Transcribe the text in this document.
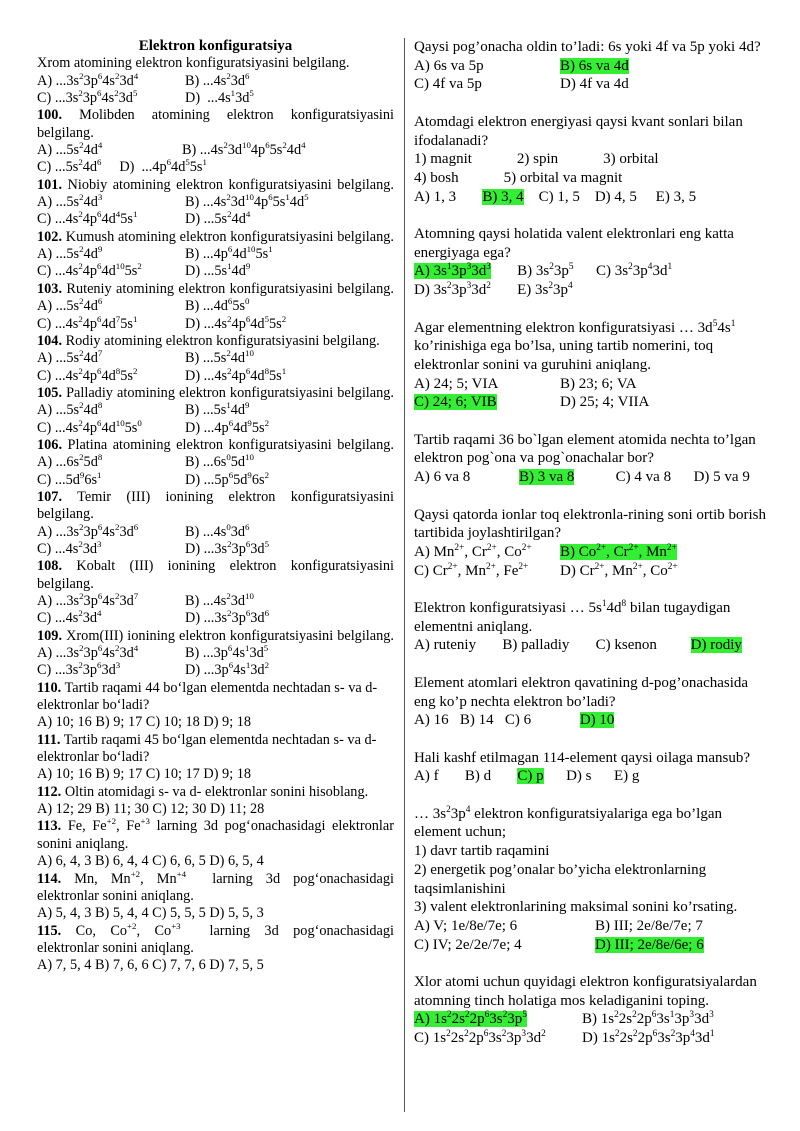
Elektron konfiguratsiya
Xrom atomining elektron konfiguratsiyasini belgilang.
A) $...3s^23p^64s^23d^4$	B) $...4s^23d^6$
C) $...3s^23p^64s^23d^5$	D)  $...4s^13d^5$
100. Molibden atomining elektron konfiguratsiyasini belgilang.
A) $...5s^24d^4$	B) $...4s^23d^{10}4p^65s^24d^4$
C) $...5s^24d^6$     D)  $...4p^64d^55s^1$
101. Niobiy atomining elektron konfiguratsiyasini belgilang.
A) $...5s^24d^3$	B) $...4s^23d^{10}4p^65s^14d^5$
C) $...4s^24p^64d^45s^1$	D) $...5s^24d^4$
102. Kumush atomining elektron konfiguratsiyasini belgilang.
A) $...5s^24d^9$	B) $...4p^64d^{10}5s^1$
C) $...4s^24p^64d^{10}5s^2$	D) $...5s^14d^9$
103. Ruteniy atomining elektron konfiguratsiyasini belgilang.
A) $...5s^24d^6$	B) $...4d^65s^0$
C) $...4s^24p^64d^75s^1$	D) $...4s^24p^64d^55s^2$
104. Rodiy atomining elektron konfiguratsiyasini belgilang.
A) $...5s^24d^7$	B) $...5s^24d^{10}$
C) $...4s^24p^64d^85s^2$	D) $...4s^24p^64d^85s^1$
105. Palladiy atomining elektron konfiguratsiyasini belgilang.
A) $...5s^24d^8$	B) $...5s^14d^9$
C) $...4s^24p^64d^{10}5s^0$	D) $...4p^64d^95s^2$
106. Platina atomining elektron konfiguratsiyasini belgilang.
A) $...6s^25d^8$	B) $...6s^05d^{10}$
C) $...5d^96s^1$	D) $...5p^65d^96s^2$
107. Temir (III) ionining elektron konfiguratsiyasini belgilang.
A) $...3s^23p^64s^23d^6$	B) $...4s^03d^6$
C) $...4s^23d^3$	D) $...3s^23p^63d^5$
108. Kobalt (III) ionining elektron konfiguratsiyasini belgilang.
A) $...3s^23p^64s^23d^7$	B) $...4s^23d^{10}$
C) $...4s^23d^4$	D) $...3s^23p^63d^6$
109. Xrom(III) ionining elektron konfiguratsiyasini belgilang.
A) $...3s^23p^64s^23d^4$	B) $...3p^64s^13d^5$
C) $...3s^23p^63d^3$	D) $...3p^64s^13d^2$
110. Tartib raqami 44 bo‘lgan elementda nechtadan s- va d-elektronlar bo‘ladi?
A) 10; 16 B) 9; 17 C) 10; 18 D) 9; 18
111. Tartib raqami 45 bo‘lgan elementda nechtadan s- va d-elektronlar bo‘ladi?
A) 10; 16 B) 9; 17 C) 10; 17 D) 9; 18
112. Oltin atomidagi s- va d- elektronlar sonini hisoblang.
A) 12; 29 B) 11; 30 C) 12; 30 D) 11; 28
113. Fe, $Fe^{+2}$, $Fe^{+3}$ larning 3d pog‘onachasidagi elektronlar
sonini aniqlang.
A) 6, 4, 3 B) 6, 4, 4 C) 6, 6, 5 D) 6, 5, 4
114. Mn, $Mn^{+2}$, $Mn^{+4}$  larning 3d pog‘onachasidagi
elektronlar sonini aniqlang.
A) 5, 4, 3 B) 5, 4, 4 C) 5, 5, 5 D) 5, 5, 3
115. Co, $Co^{+2}$, $Co^{+3}$  larning 3d pog‘onachasidagi
elektronlar sonini aniqlang.
A) 7, 5, 4 B) 7, 6, 6 C) 7, 7, 6 D) 7, 5, 5
Qaysi pog’onacha oldin to’ladi: 6s yoki 4f va 5p yoki 4d?
A) 6s va 5p	B) 6s va 4d
C) 4f va 5p	D) 4f va 4d
Atomdagi elektron energiyasi qaysi kvant sonlari bilan ifodalanadi?
1) magnit            2) spin            3) orbital
4) bosh            5) orbital va magnit
A) 1, 3 B) 3, 4 C) 1, 5 D) 4, 5 E) 3, 5
Atomning qaysi holatida valent elektronlari eng katta energiyaga ega?
A) $3s^13p^33d^3$ B) $3s^23p^5$ C) $3s^23p^43d^1$
D) $3s^23p^33d^2$ E) $3s^23p^4$
Agar elementning elektron konfiguratsiyasi … $3d^54s^1$ ko’rinishiga ega bo’lsa, uning tartib nomerini, toq elektronlar sonini va guruhini aniqlang.
A) 24; 5; VIA	B) 23; 6; VA
C) 24; 6; VIB	D) 25; 4; VIIA
Tartib raqami 36 bo`lgan element atomida nechta to’lgan elektron pog`ona va pog`onachalar bor?
A) 6 va 8	B) 3 va 8	C) 4 va 8 D) 5 va 9
Qaysi qatorda ionlar toq elektronla-rining soni ortib borish tartibida joylashtirilgan?
A) $Mn^{2+}$, $Cr^{2+}$, $Co^{2+}$	B) $Co^{2+}$, $Cr^{2+}$, $Mn^{2+}$
C) $Cr^{2+}$, $Mn^{2+}$, $Fe^{2+}$	D) $Cr^{2+}$, $Mn^{2+}$, $Co^{2+}$
Elektron konfiguratsiyasi … $5s^14d^8$ bilan tugaydigan elementni aniqlang.
A) ruteniy B) palladiy C) ksenon D) rodiy
Element atomlari elektron qavatining d-pog’onachasida eng ko’p nechta elektron bo’ladi?
A) 16 B) 14 C) 6	D) 10
Hali kashf etilmagan 114-element qaysi oilaga mansub?
A) f B) d C) p D) s E) g
… $3s^23p^4$ elektron konfiguratsiyalariga ega bo’lgan element uchun;
1) davr tartib raqamini
2) energetik pog’onalar bo’yicha elektronlarning taqsimlanishini
3) valent elektronlarining maksimal sonini ko’rsating.
A) V; 1e/8e/7e; 6	B) III; 2e/8e/7e; 7
C) IV; 2e/2e/7e; 4	D) III; 2e/8e/6e; 6
Xlor atomi uchun quyidagi elektron konfiguratsiyalardan atomning tinch holatiga mos keladiganini toping.
A) $1s^22s^22p^63s^23p^5$	B) $1s^22s^22p^63s^13p^33d^3$
C) $1s^22s^22p^63s^23p^33d^2$	D) $1s^22s^22p^63s^23p^43d^1$
